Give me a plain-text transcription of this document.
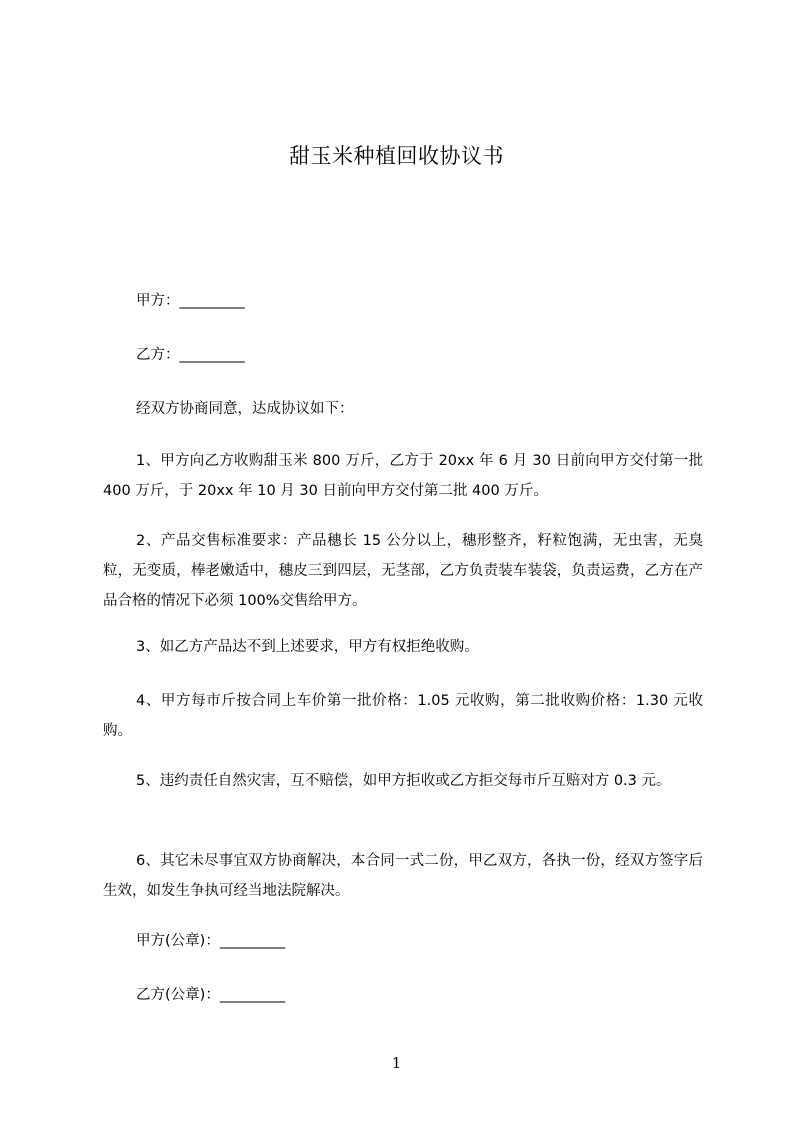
甜玉米种植回收协议书
甲方：_________
乙方：_________
经双方协商同意，达成协议如下：
1、甲方向乙方收购甜玉米 800 万斤，乙方于 20xx 年 6 月 30 日前向甲方交付第一批 400 万斤，于 20xx 年 10 月 30 日前向甲方交付第二批 400 万斤。
2、产品交售标准要求：产品穗长 15 公分以上，穗形整齐，籽粒饱满，无虫害，无臭粒，无变质，棒老嫩适中，穗皮三到四层，无茎部，乙方负责装车装袋，负责运费，乙方在产品合格的情况下必须 100%交售给甲方。
3、如乙方产品达不到上述要求，甲方有权拒绝收购。
4、甲方每市斤按合同上车价第一批价格：1.05 元收购，第二批收购价格：1.30 元收购。
5、违约责任自然灾害，互不赔偿，如甲方拒收或乙方拒交每市斤互赔对方 0.3 元。
6、其它未尽事宜双方协商解决，本合同一式二份，甲乙双方，各执一份，经双方签字后生效，如发生争执可经当地法院解决。
甲方(公章)：_________
乙方(公章)：_________
1
